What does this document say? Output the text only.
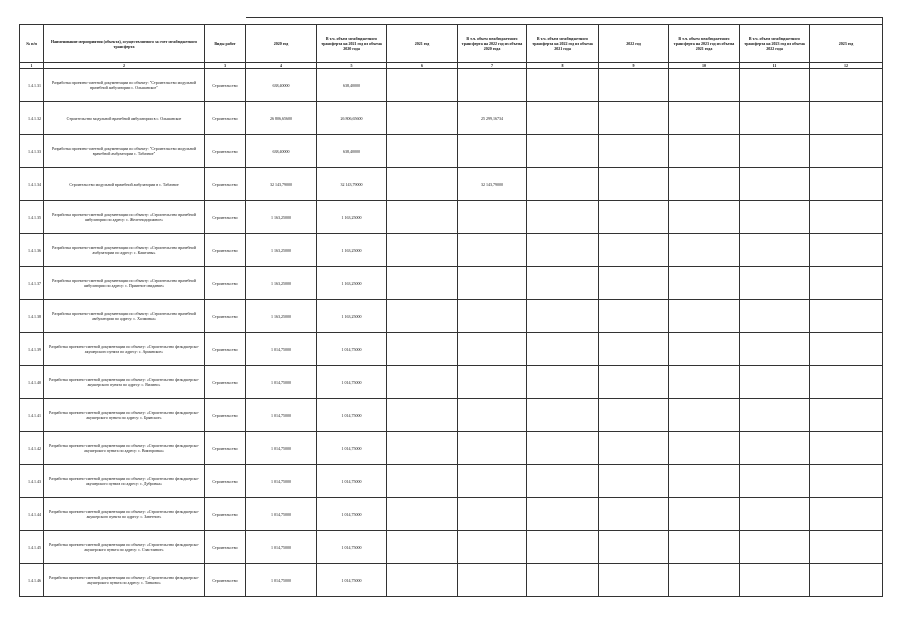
№ п/п	Наименование мероприятия (объекта), осуществляемого за счет межбюджетного трансферта	Виды работ	2020 год	В т.ч. объем межбюджетного трансферта на 2021 год из объема 2020 года	2021 год	В т.ч. объем межбюджетного трансферта на 2022 год из объема 2020 года	В т.ч. объем межбюджетного трансферта на 2022 год из объема 2021 года	2022 год	В т.ч. объем межбюджетного трансферта на 2023 год из объема 2021 года	В т.ч. объем межбюджетного трансферта на 2023 год из объема 2022 года	2023 год
1	2	3	4	5	6	7	8	9	10	11	12
1.4.1.31	Разработка проектно-сметной документации по объекту: "Строительство модульной врачебной амбулатории с. Ольшанское"	Строительство	638,40000	638,40000							
1.4.1.32	Строительство модульной врачебной амбулатории в с. Ольшанское	Строительство	26 806,65600	26 806,65600		25 299,16734					
1.4.1.33	Разработка проектно-сметной документации по объекту: "Строительство модульной врачебной амбулатории с. Табачное"	Строительство	638,40000	638,40000							
1.4.1.34	Строительство модульной врачебной амбулатории в с. Табачное	Строительство	32 143,79000	32 143,79000		32 143,79000					
1.4.1.35	Разработка проектно-сметной документации по объекту: «Строительство врачебной амбулатории по адресу: с. Железнодорожное»	Строительство	1 163,25000	1 163,25000							
1.4.1.36	Разработка проектно-сметной документации по объекту: «Строительство врачебной амбулатории по адресу: с. Каштаны»	Строительство	1 163,25000	1 163,25000							
1.4.1.37	Разработка проектно-сметной документации по объекту: «Строительство врачебной амбулатории по адресу: с. Приятное свидание»	Строительство	1 163,25000	1 163,25000							
1.4.1.38	Разработка проектно-сметной документации по объекту: «Строительство врачебной амбулатории по адресу: с. Холмовка»	Строительство	1 163,25000	1 163,25000							
1.4.1.39	Разработка проектно-сметной документации по объекту: «Строительство фельдшерско-акушерского пункта по адресу: с. Армянское»	Строительство	1 014,75000	1 014,75000							
1.4.1.40	Разработка проектно-сметной документации по объекту: «Строительство фельдшерско-акушерского пункта по адресу: с. Вилино»	Строительство	1 014,75000	1 014,75000							
1.4.1.41	Разработка проектно-сметной документации по объекту: «Строительство фельдшерско-акушерского пункта по адресу: с. Брянское»	Строительство	1 014,75000	1 014,75000							
1.4.1.42	Разработка проектно-сметной документации по объекту: «Строительство фельдшерско-акушерского пункта по адресу: с. Викторовка»	Строительство	1 014,75000	1 014,75000							
1.4.1.43	Разработка проектно-сметной документации по объекту: «Строительство фельдшерско-акушерского пункта по адресу: с. Дубровка»	Строительство	1 014,75000	1 014,75000							
1.4.1.44	Разработка проектно-сметной документации по объекту: «Строительство фельдшерско-акушерского пункта по адресу: с. Заветное»	Строительство	1 014,75000	1 014,75000							
1.4.1.45	Разработка проектно-сметной документации по объекту: «Строительство фельдшерско-акушерского пункта по адресу: с. Счастливое»	Строительство	1 014,75000	1 014,75000							
1.4.1.46	Разработка проектно-сметной документации по объекту: «Строительство фельдшерско-акушерского пункта по адресу: с. Танково»	Строительство	1 014,75000	1 014,75000							
